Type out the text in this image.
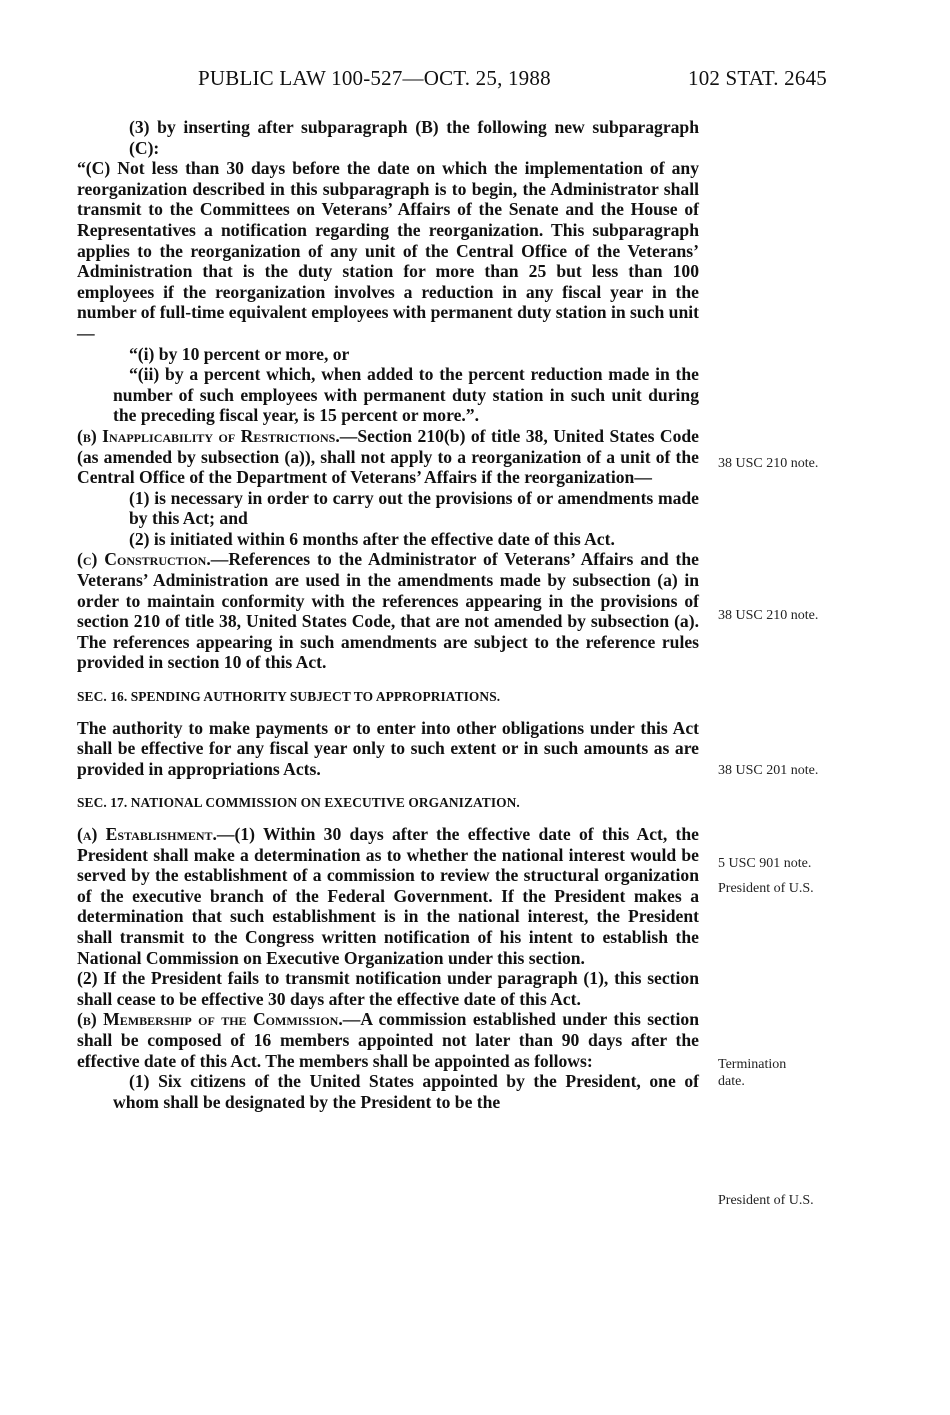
PUBLIC LAW 100-527—OCT. 25, 1988	102 STAT. 2645

(3) by inserting after subparagraph (B) the following new subparagraph (C):

“(C) Not less than 30 days before the date on which the implementation of any reorganization described in this subparagraph is to begin, the Administrator shall transmit to the Committees on Veterans’ Affairs of the Senate and the House of Representatives a notification regarding the reorganization. This subparagraph applies to the reorganization of any unit of the Central Office of the Veterans’ Administration that is the duty station for more than 25 but less than 100 employees if the reorganization involves a reduction in any fiscal year in the number of full-time equivalent employees with permanent duty station in such unit—

“(i) by 10 percent or more, or

“(ii) by a percent which, when added to the percent reduction made in the number of such employees with permanent duty station in such unit during the preceding fiscal year, is 15 percent or more.”.

(b) Inapplicability of Restrictions.—Section 210(b) of title 38, United States Code (as amended by subsection (a)), shall not apply to a reorganization of a unit of the Central Office of the Department of Veterans’ Affairs if the reorganization—

(1) is necessary in order to carry out the provisions of or amendments made by this Act; and

(2) is initiated within 6 months after the effective date of this Act.

(c) Construction.—References to the Administrator of Veterans’ Affairs and the Veterans’ Administration are used in the amendments made by subsection (a) in order to maintain conformity with the references appearing in the provisions of section 210 of title 38, United States Code, that are not amended by subsection (a). The references appearing in such amendments are subject to the reference rules provided in section 10 of this Act.

SEC. 16. SPENDING AUTHORITY SUBJECT TO APPROPRIATIONS.

The authority to make payments or to enter into other obligations under this Act shall be effective for any fiscal year only to such extent or in such amounts as are provided in appropriations Acts.

SEC. 17. NATIONAL COMMISSION ON EXECUTIVE ORGANIZATION.

(a) Establishment.—(1) Within 30 days after the effective date of this Act, the President shall make a determination as to whether the national interest would be served by the establishment of a commission to review the structural organization of the executive branch of the Federal Government. If the President makes a determination that such establishment is in the national interest, the President shall transmit to the Congress written notification of his intent to establish the National Commission on Executive Organization under this section.

(2) If the President fails to transmit notification under paragraph (1), this section shall cease to be effective 30 days after the effective date of this Act.

(b) Membership of the Commission.—A commission established under this section shall be composed of 16 members appointed not later than 90 days after the effective date of this Act. The members shall be appointed as follows:

(1) Six citizens of the United States appointed by the President, one of whom shall be designated by the President to be the

38 USC 210 note.
38 USC 210 note.
38 USC 201 note.
5 USC 901 note.
President of U.S.
Termination
date.
President of U.S.
